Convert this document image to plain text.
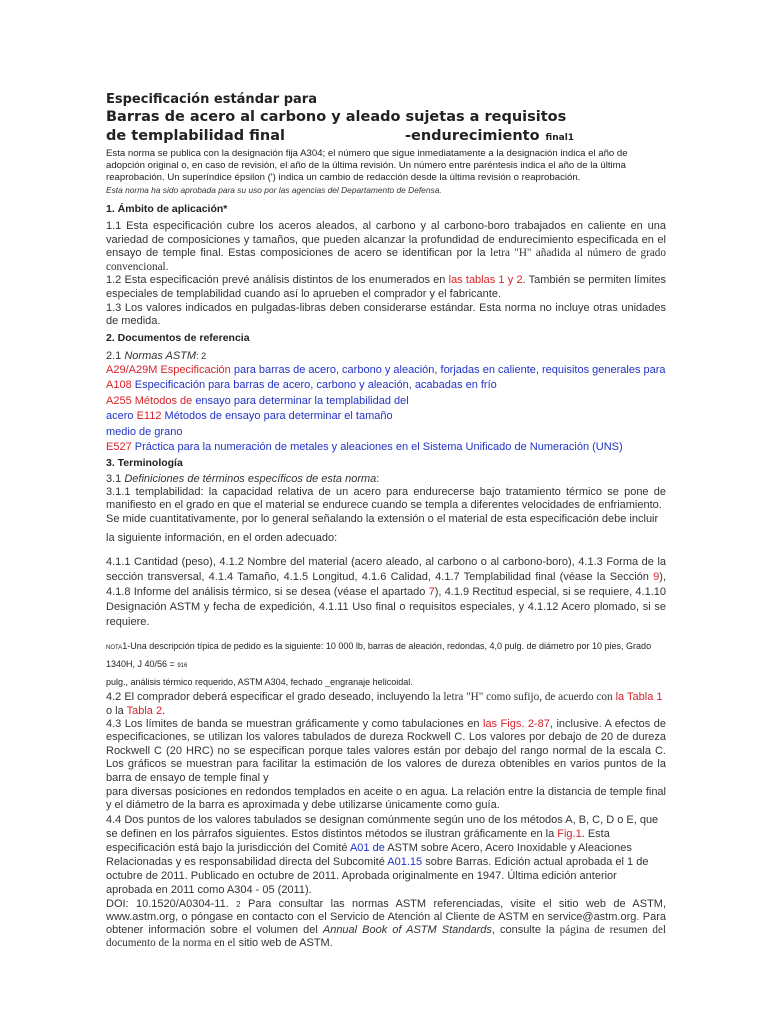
Especificación estándar para
Barras de acero al carbono y aleado sujetas a requisitos
de templabilidad final	-endurecimiento final1
Esta norma se publica con la designación fija A304; el número que sigue inmediatamente a la designación indica el año de adopción original o, en caso de revisión, el año de la última revisión. Un número entre paréntesis indica el año de la última reaprobación. Un superíndice épsilon (') indica un cambio de redacción desde la última revisión o reaprobación.
Esta norma ha sido aprobada para su uso por las agencias del Departamento de Defensa.
1. Ámbito de aplicación*
1.1 Esta especificación cubre los aceros aleados, al carbono y al carbono-boro trabajados en caliente en una variedad de composiciones y tamaños, que pueden alcanzar la profundidad de endurecimiento especificada en el ensayo de temple final. Estas composiciones de acero se identifican por la letra "H" añadida al número de grado convencional.
1.2 Esta especificación prevé análisis distintos de los enumerados en las tablas 1 y 2. También se permiten límites especiales de templabilidad cuando así lo aprueben el comprador y el fabricante.
1.3 Los valores indicados en pulgadas-libras deben considerarse estándar. Esta norma no incluye otras unidades de medida.
2. Documentos de referencia
2.1 Normas ASTM: 2
A29/A29M Especificación para barras de acero, carbono y aleación, forjadas en caliente, requisitos generales para A108 Especificación para barras de acero, carbono y aleación, acabadas en frío
A255 Métodos de ensayo para determinar la templabilidad del
acero E112 Métodos de ensayo para determinar el tamaño
medio de grano
E527 Práctica para la numeración de metales y aleaciones en el Sistema Unificado de Numeración (UNS)
3. Terminología
3.1 Definiciones de términos específicos de esta norma:
3.1.1 templabilidad: la capacidad relativa de un acero para endurecerse bajo tratamiento térmico se pone de manifiesto en el grado en que el material se endurece cuando se templa a diferentes velocidades de enfriamiento.
Se mide cuantitativamente, por lo general señalando la extensión o el material de esta especificación debe incluir
la siguiente información, en el orden adecuado:
4.1.1 Cantidad (peso), 4.1.2 Nombre del material (acero aleado, al carbono o al carbono-boro), 4.1.3 Forma de la sección transversal, 4.1.4 Tamaño, 4.1.5 Longitud, 4.1.6 Calidad, 4.1.7 Templabilidad final (véase la Sección 9), 4.1.8 Informe del análisis térmico, si se desea (véase el apartado 7), 4.1.9 Rectitud especial, si se requiere, 4.1.10 Designación ASTM y fecha de expedición, 4.1.11 Uso final o requisitos especiales, y 4.1.12 Acero plomado, si se requiere.
NOTA1-Una descripción típica de pedido es la siguiente: 10 000 lb, barras de aleación, redondas, 4,0 pulg. de diámetro por 10 pies, Grado 1340H, J 40/56 = 916
pulg., análisis térmico requerido, ASTM A304, fechado _engranaje helicoidal.
4.2 El comprador deberá especificar el grado deseado, incluyendo la letra "H" como sufijo, de acuerdo con la Tabla 1 o la Tabla 2.
4.3 Los límites de banda se muestran gráficamente y como tabulaciones en las Figs. 2-87, inclusive. A efectos de especificaciones, se utilizan los valores tabulados de dureza Rockwell C. Los valores por debajo de 20 de dureza Rockwell C (20 HRC) no se especifican porque tales valores están por debajo del rango normal de la escala C. Los gráficos se muestran para facilitar la estimación de los valores de dureza obtenibles en varios puntos de la barra de ensayo de temple final y
para diversas posiciones en redondos templados en aceite o en agua. La relación entre la distancia de temple final y el diámetro de la barra es aproximada y debe utilizarse únicamente como guía.
4.4 Dos puntos de los valores tabulados se designan comúnmente según uno de los métodos A, B, C, D o E, que se definen en los párrafos siguientes. Estos distintos métodos se ilustran gráficamente en la Fig.1. Esta especificación está bajo la jurisdicción del Comité A01 de ASTM sobre Acero, Acero Inoxidable y Aleaciones Relacionadas y es responsabilidad directa del Subcomité A01.15 sobre Barras. Edición actual aprobada el 1 de octubre de 2011. Publicado en octubre de 2011. Aprobada originalmente en 1947. Última edición anterior aprobada en 2011 como A304 - 05 (2011).
DOI: 10.1520/A0304-11. 2 Para consultar las normas ASTM referenciadas, visite el sitio web de ASTM, www.astm.org, o póngase en contacto con el Servicio de Atención al Cliente de ASTM en service@astm.org. Para obtener información sobre el volumen del Annual Book of ASTM Standards, consulte la página de resumen del documento de la norma en el sitio web de ASTM.
